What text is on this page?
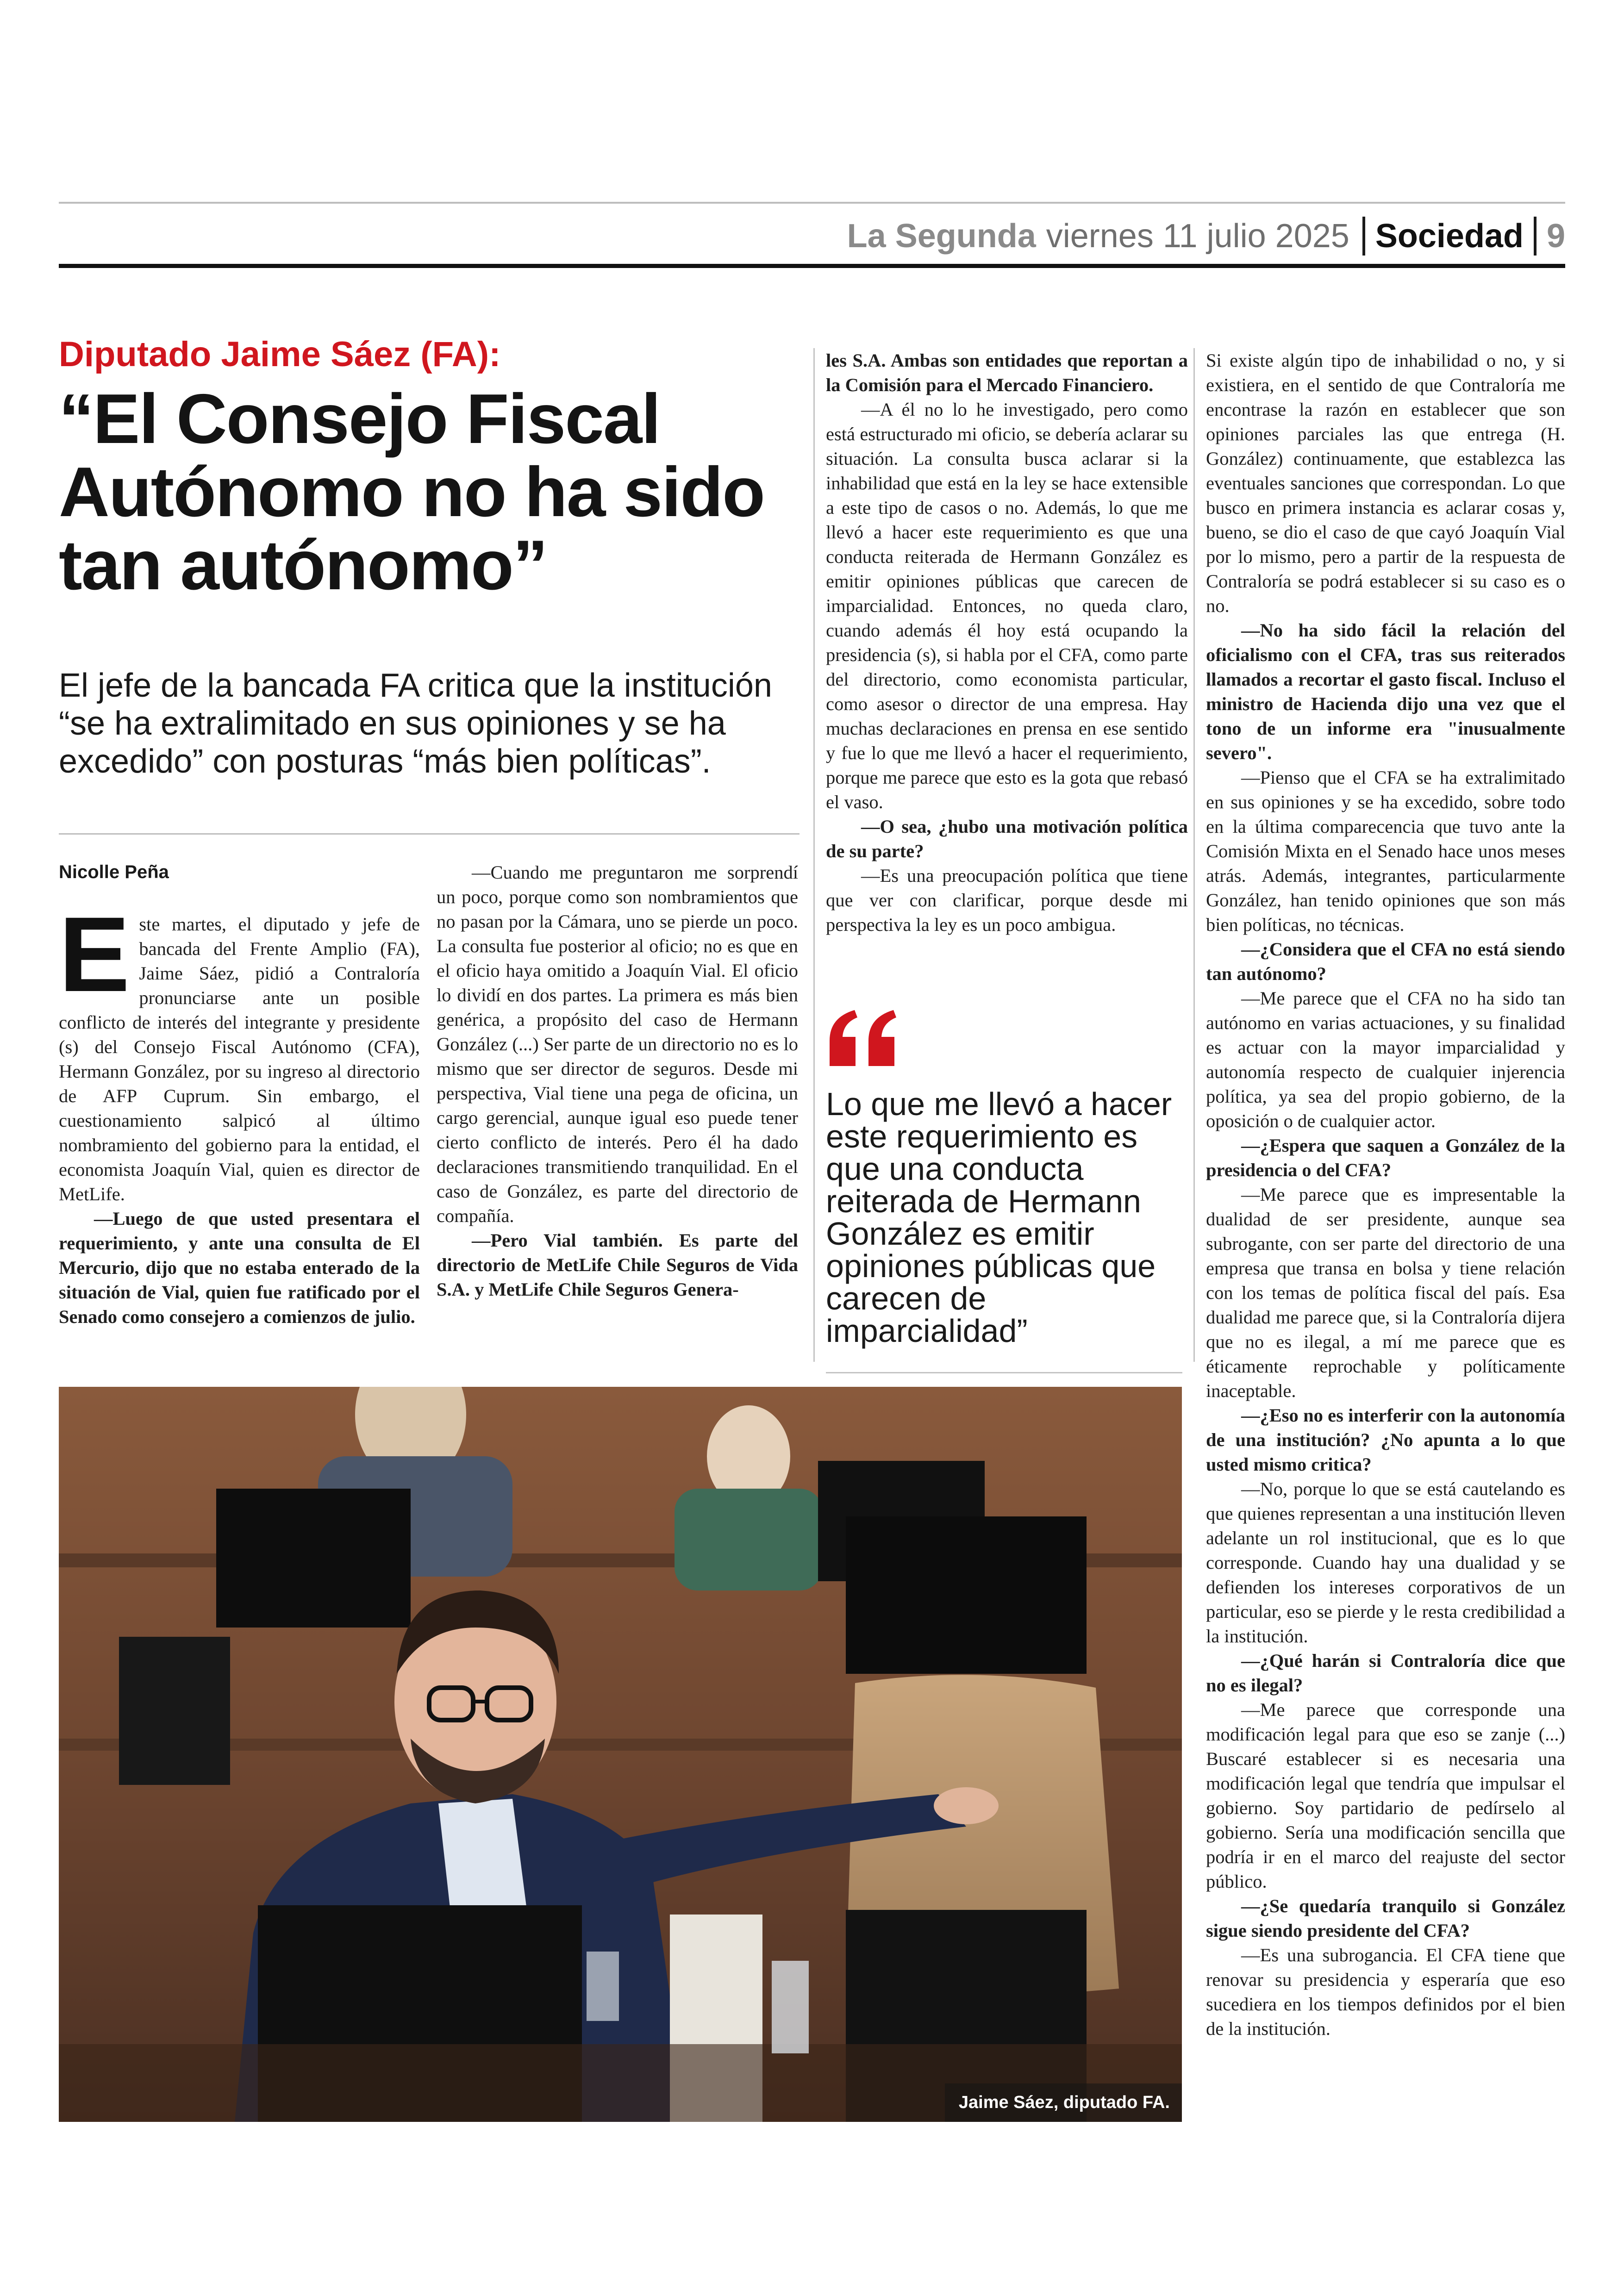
La Segunda viernes 11 julio 2025 Sociedad 9
Diputado Jaime Sáez (FA):
“El Consejo Fiscal Autónomo no ha sido tan autónomo”
El jefe de la bancada FA critica que la institución “se ha extralimitado en sus opiniones y se ha excedido” con posturas “más bien políticas”.
Nicolle Peña

Este martes, el diputado y jefe de bancada del Frente Amplio (FA), Jaime Sáez, pidió a Contraloría pronunciarse ante un posible conflicto de interés del integrante y presidente (s) del Consejo Fiscal Autónomo (CFA), Hermann González, por su ingreso al directorio de AFP Cuprum. Sin embargo, el cuestionamiento salpicó al último nombramiento del gobierno para la entidad, el economista Joaquín Vial, quien es director de MetLife.

—Luego de que usted presentara el requerimiento, y ante una consulta de El Mercurio, dijo que no estaba enterado de la situación de Vial, quien fue ratificado por el Senado como consejero a comienzos de julio.

—Cuando me preguntaron me sorprendí un poco, porque como son nombramientos que no pasan por la Cámara, uno se pierde un poco. La consulta fue posterior al oficio; no es que en el oficio haya omitido a Joaquín Vial. El oficio lo dividí en dos partes. La primera es más bien genérica, a propósito del caso de Hermann González (...) Ser parte de un directorio no es lo mismo que ser director de seguros. Desde mi perspectiva, Vial tiene una pega de oficina, un cargo gerencial, aunque igual eso puede tener cierto conflicto de interés. Pero él ha dado declaraciones transmitiendo tranquilidad. En el caso de González, es parte del directorio de compañía.

—Pero Vial también. Es parte del directorio de MetLife Chile Seguros de Vida S.A. y MetLife Chile Seguros Genera-

les S.A. Ambas son entidades que reportan a la Comisión para el Mercado Financiero.

—A él no lo he investigado, pero como está estructurado mi oficio, se debería aclarar su situación. La consulta busca aclarar si la inhabilidad que está en la ley se hace extensible a este tipo de casos o no. Además, lo que me llevó a hacer este requerimiento es que una conducta reiterada de Hermann González es emitir opiniones públicas que carecen de imparcialidad. Entonces, no queda claro, cuando además él hoy está ocupando la presidencia (s), si habla por el CFA, como parte del directorio, como economista particular, como asesor o director de una empresa. Hay muchas declaraciones en prensa en ese sentido y fue lo que me llevó a hacer el requerimiento, porque me parece que esto es la gota que rebasó el vaso.

—O sea, ¿hubo una motivación política de su parte?

—Es una preocupación política que tiene que ver con clarificar, porque desde mi perspectiva la ley es un poco ambigua.

Lo que me llevó a hacer este requerimiento es que una conducta reiterada de Hermann González es emitir opiniones públicas que carecen de imparcialidad”

Si existe algún tipo de inhabilidad o no, y si existiera, en el sentido de que Contraloría me encontrase la razón en establecer que son opiniones parciales las que entrega (H. González) continuamente, que establezca las eventuales sanciones que correspondan. Lo que busco en primera instancia es aclarar cosas y, bueno, se dio el caso de que cayó Joaquín Vial por lo mismo, pero a partir de la respuesta de Contraloría se podrá establecer si su caso es o no.

—No ha sido fácil la relación del oficialismo con el CFA, tras sus reiterados llamados a recortar el gasto fiscal. Incluso el ministro de Hacienda dijo una vez que el tono de un informe era "inusualmente severo".

—Pienso que el CFA se ha extralimitado en sus opiniones y se ha excedido, sobre todo en la última comparecencia que tuvo ante la Comisión Mixta en el Senado hace unos meses atrás. Además, integrantes, particularmente González, han tenido opiniones que son más bien políticas, no técnicas.

—¿Considera que el CFA no está siendo tan autónomo?

—Me parece que el CFA no ha sido tan autónomo en varias actuaciones, y su finalidad es actuar con la mayor imparcialidad y autonomía respecto de cualquier injerencia política, ya sea del propio gobierno, de la oposición o de cualquier actor.

—¿Espera que saquen a González de la presidencia o del CFA?

—Me parece que es impresentable la dualidad de ser presidente, aunque sea subrogante, con ser parte del directorio de una empresa que transa en bolsa y tiene relación con los temas de política fiscal del país. Esa dualidad me parece que, si la Contraloría dijera que no es ilegal, a mí me parece que es éticamente reprochable y políticamente inaceptable.

—¿Eso no es interferir con la autonomía de una institución? ¿No apunta a lo que usted mismo critica?

—No, porque lo que se está cautelando es que quienes representan a una institución lleven adelante un rol institucional, que es lo que corresponde. Cuando hay una dualidad y se defienden los intereses corporativos de un particular, eso se pierde y le resta credibilidad a la institución.

—¿Qué harán si Contraloría dice que no es ilegal?

—Me parece que corresponde una modificación legal para que eso se zanje (...) Buscaré establecer si es necesaria una modificación legal que tendría que impulsar el gobierno. Soy partidario de pedírselo al gobierno. Sería una modificación sencilla que podría ir en el marco del reajuste del sector público.

—¿Se quedaría tranquilo si González sigue siendo presidente del CFA?

—Es una subrogancia. El CFA tiene que renovar su presidencia y esperaría que eso sucediera en los tiempos definidos por el bien de la institución.

Jaime Sáez, diputado FA.
